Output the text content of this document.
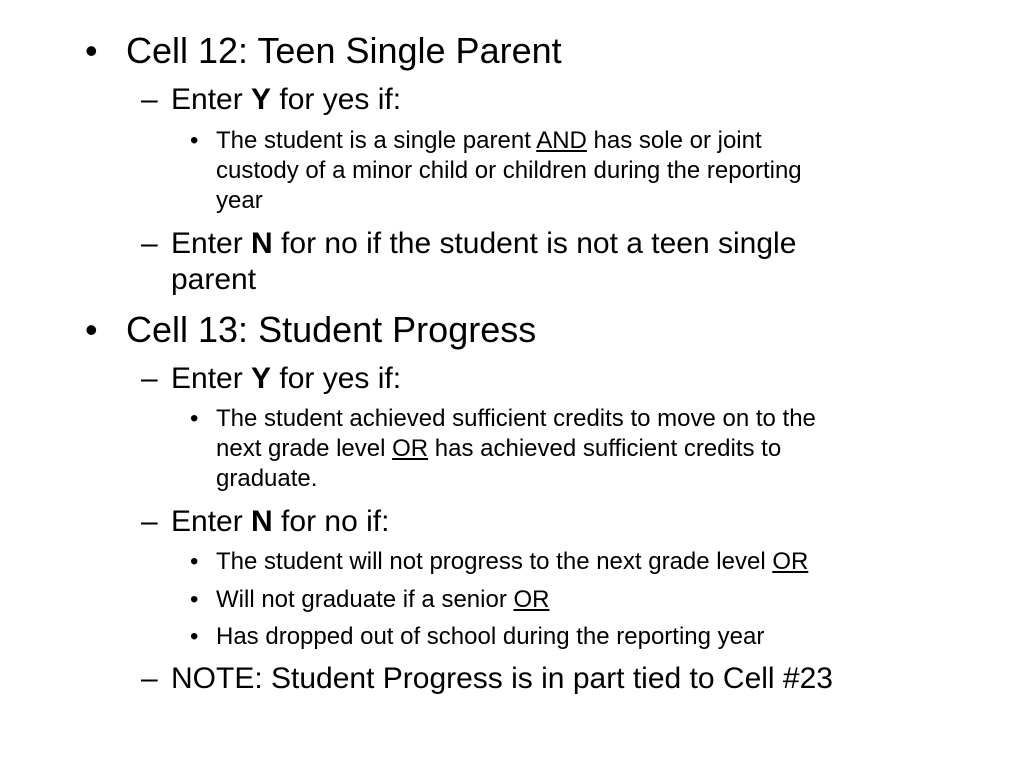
• Cell 12: Teen Single Parent
– Enter Y for yes if:
• The student is a single parent AND has sole or joint
custody of a minor child or children during the reporting
year
– Enter N for no if the student is not a teen single
parent
• Cell 13: Student Progress
– Enter Y for yes if:
• The student achieved sufficient credits to move on to the
next grade level OR has achieved sufficient credits to
graduate.
– Enter N for no if:
• The student will not progress to the next grade level OR
• Will not graduate if a senior OR
• Has dropped out of school during the reporting year
– NOTE: Student Progress is in part tied to Cell #23
